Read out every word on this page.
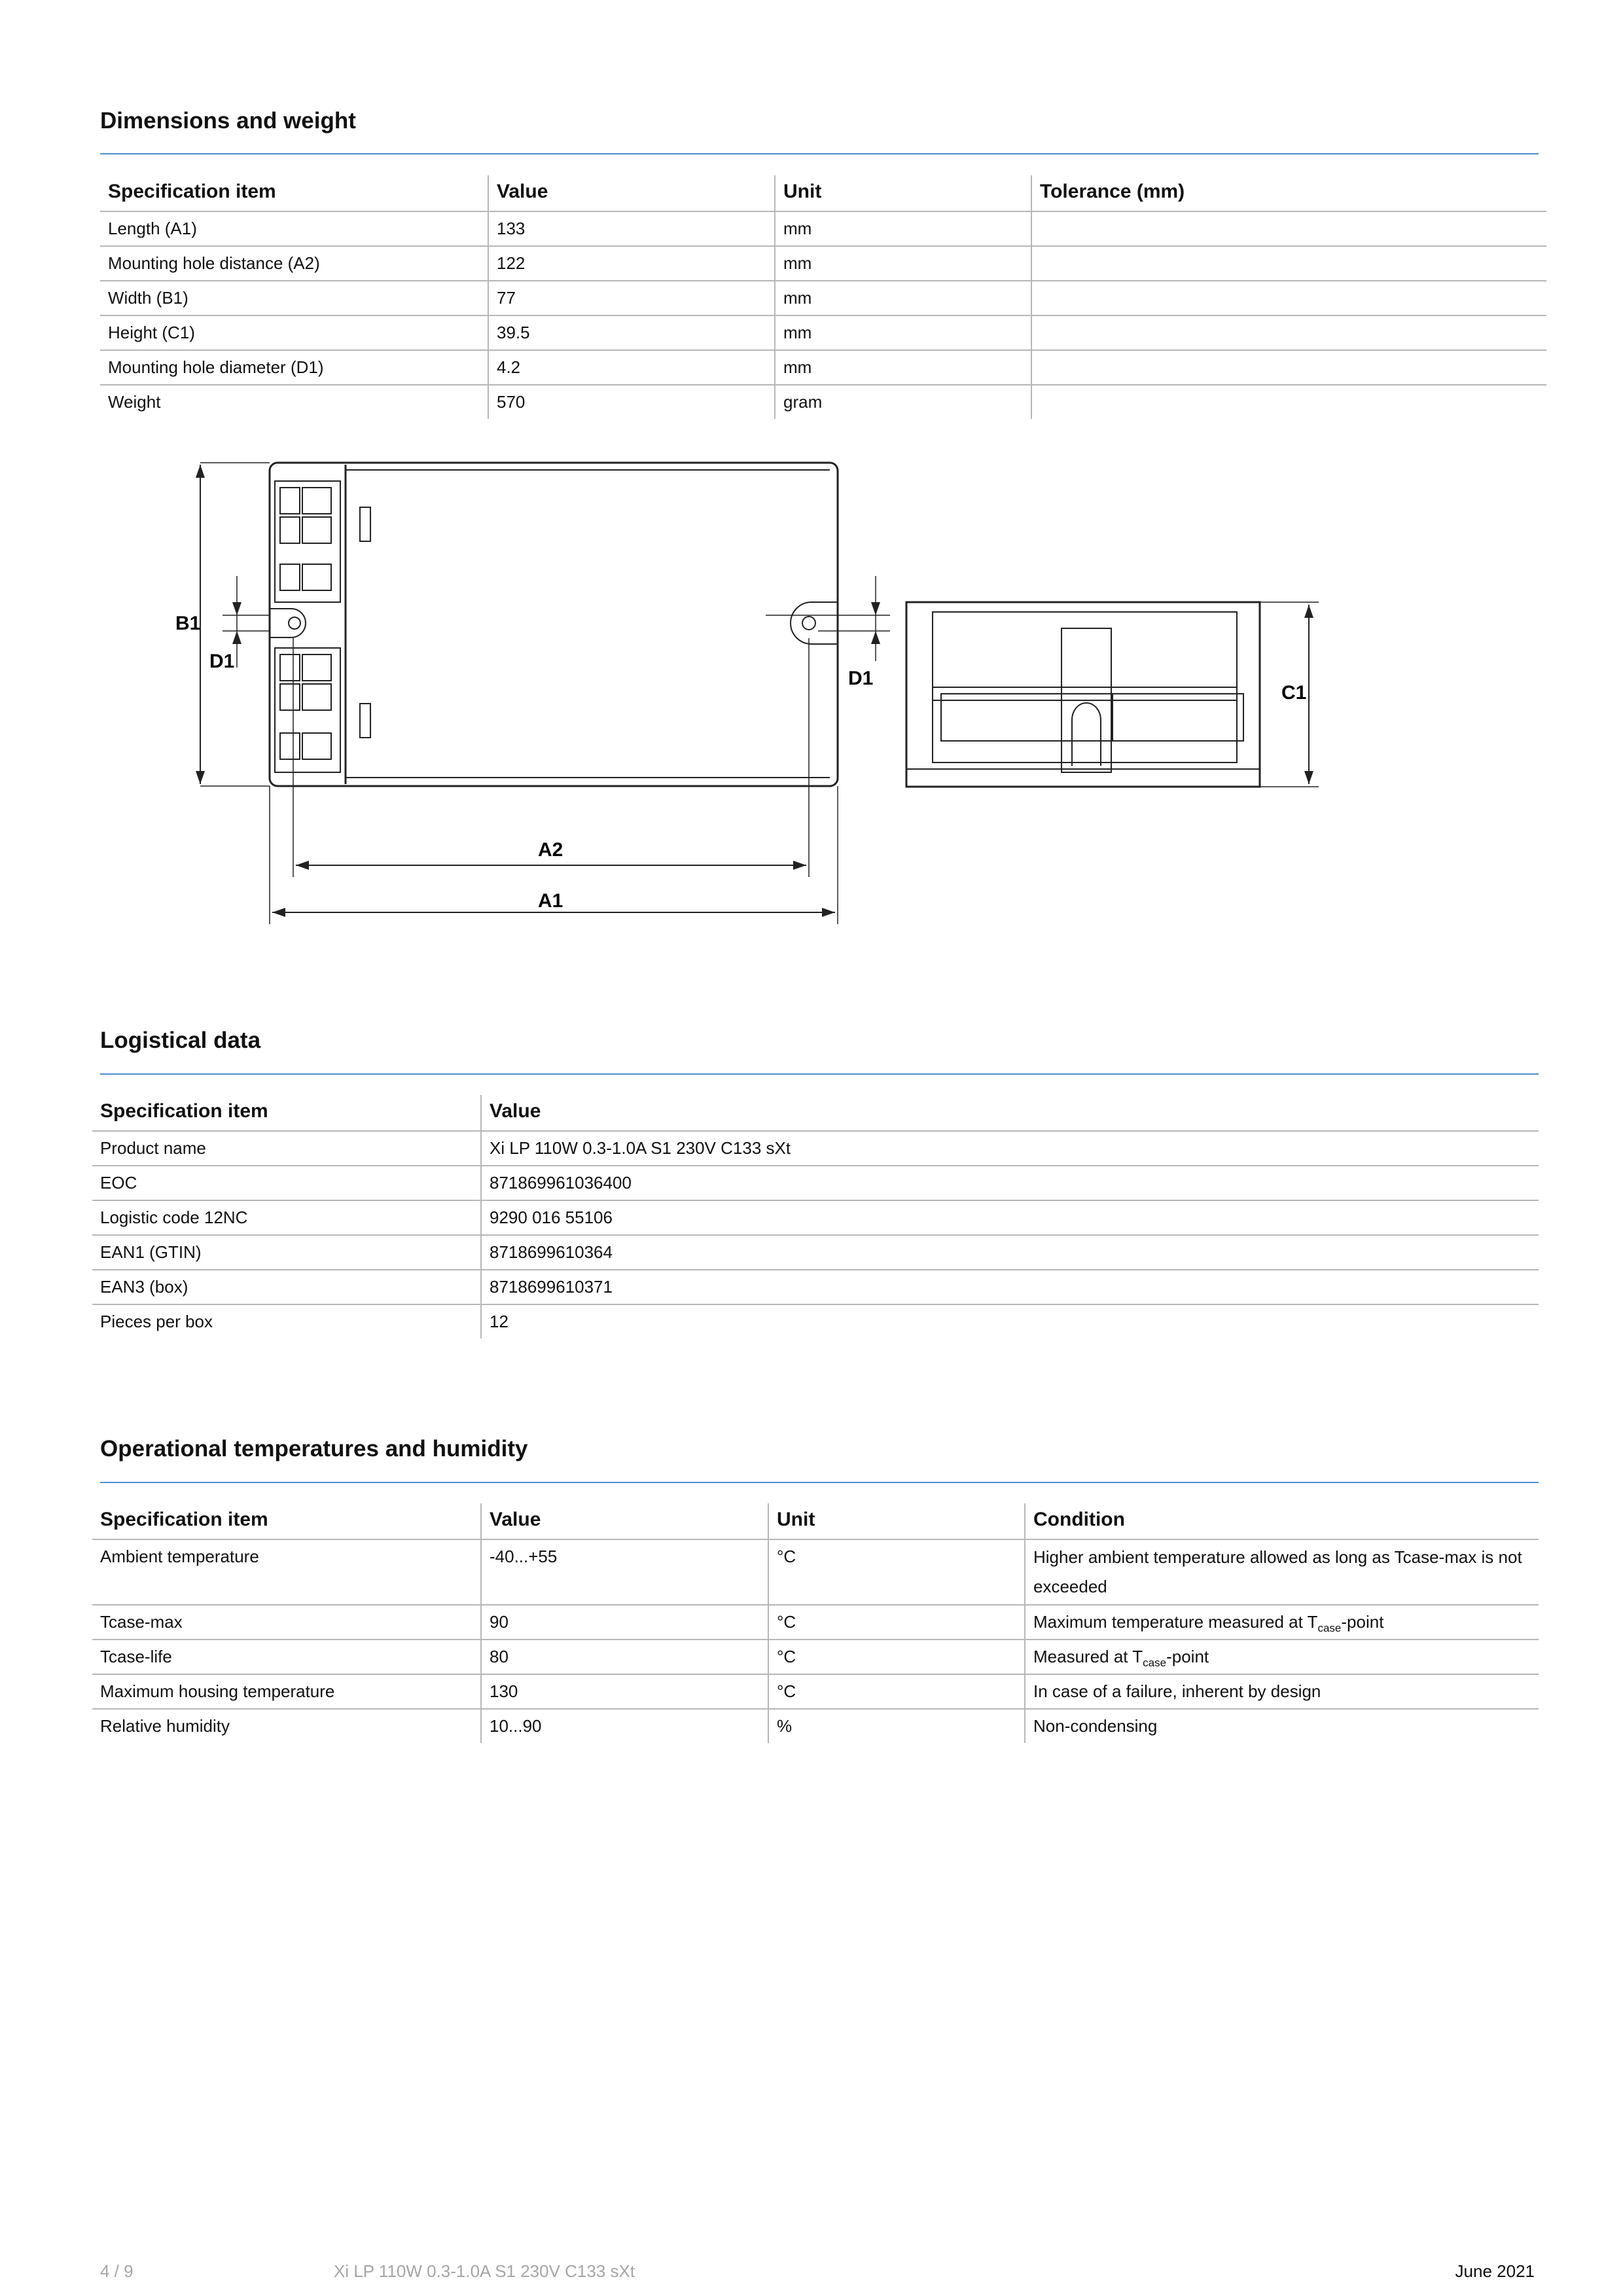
Dimensions and weight
Specification item	Value	Unit	Tolerance (mm)
Length (A1)	133	mm	
Mounting hole distance (A2)	122	mm	
Width (B1)	77	mm	
Height (C1)	39.5	mm	
Mounting hole diameter (D1)	4.2	mm	
Weight	570	gram	
B1
D1
D1
A2
A1
C1
Logistical data
Specification item	Value
Product name	Xi LP 110W 0.3-1.0A S1 230V C133 sXt
EOC	871869961036400
Logistic code 12NC	9290 016 55106
EAN1 (GTIN)	8718699610364
EAN3 (box)	8718699610371
Pieces per box	12
Operational temperatures and humidity
Specification item	Value	Unit	Condition
Ambient temperature	-40...+55	°C	Higher ambient temperature allowed as long as Tcase-max is not
exceeded

Tcase-max	90	°C	Maximum temperature measured at $T_{case}$-point
Tcase-life	80	°C	Measured at $T_{case}$-point
Maximum housing temperature	130	°C	In case of a failure, inherent by design
Relative humidity	10...90	%	Non-condensing
4 / 9	Xi LP 110W 0.3-1.0A S1 230V C133 sXt	June 2021
